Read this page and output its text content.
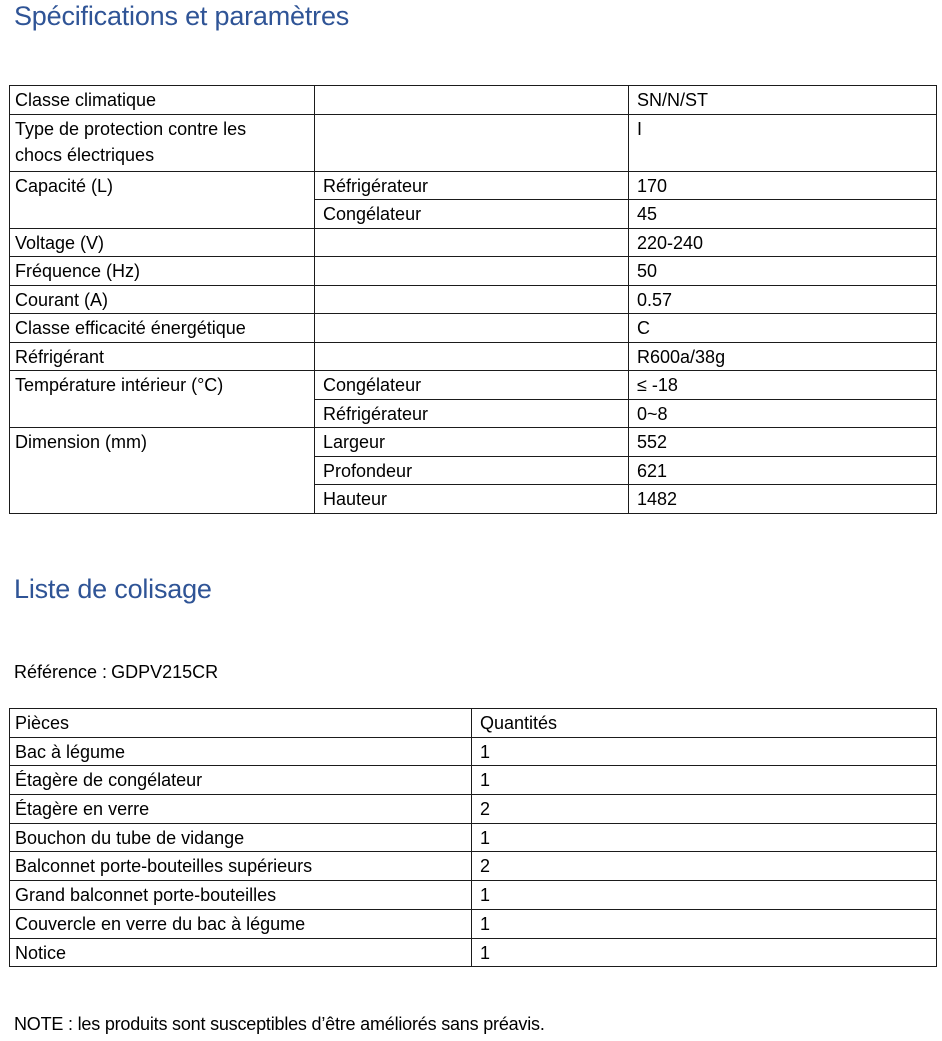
Spécifications et paramètres
Classe climatique		SN/N/ST
Type de protection contre les chocs électriques		I
Capacité (L)	Réfrigérateur	170
	Congélateur	45
Voltage (V)		220-240
Fréquence (Hz)		50
Courant (A)		0.57
Classe efficacité énergétique		C
Réfrigérant		R600a/38g
Température intérieur (°C)	Congélateur	≤ -18
	Réfrigérateur	0~8
Dimension (mm)	Largeur	552
	Profondeur	621
	Hauteur	1482
Liste de colisage
Référence : GDPV215CR
Pièces	Quantités
Bac à légume	1
Étagère de congélateur	1
Étagère en verre	2
Bouchon du tube de vidange	1
Balconnet porte-bouteilles supérieurs	2
Grand balconnet porte-bouteilles	1
Couvercle en verre du bac à légume	1
Notice	1
NOTE : les produits sont susceptibles d’être améliorés sans préavis.
